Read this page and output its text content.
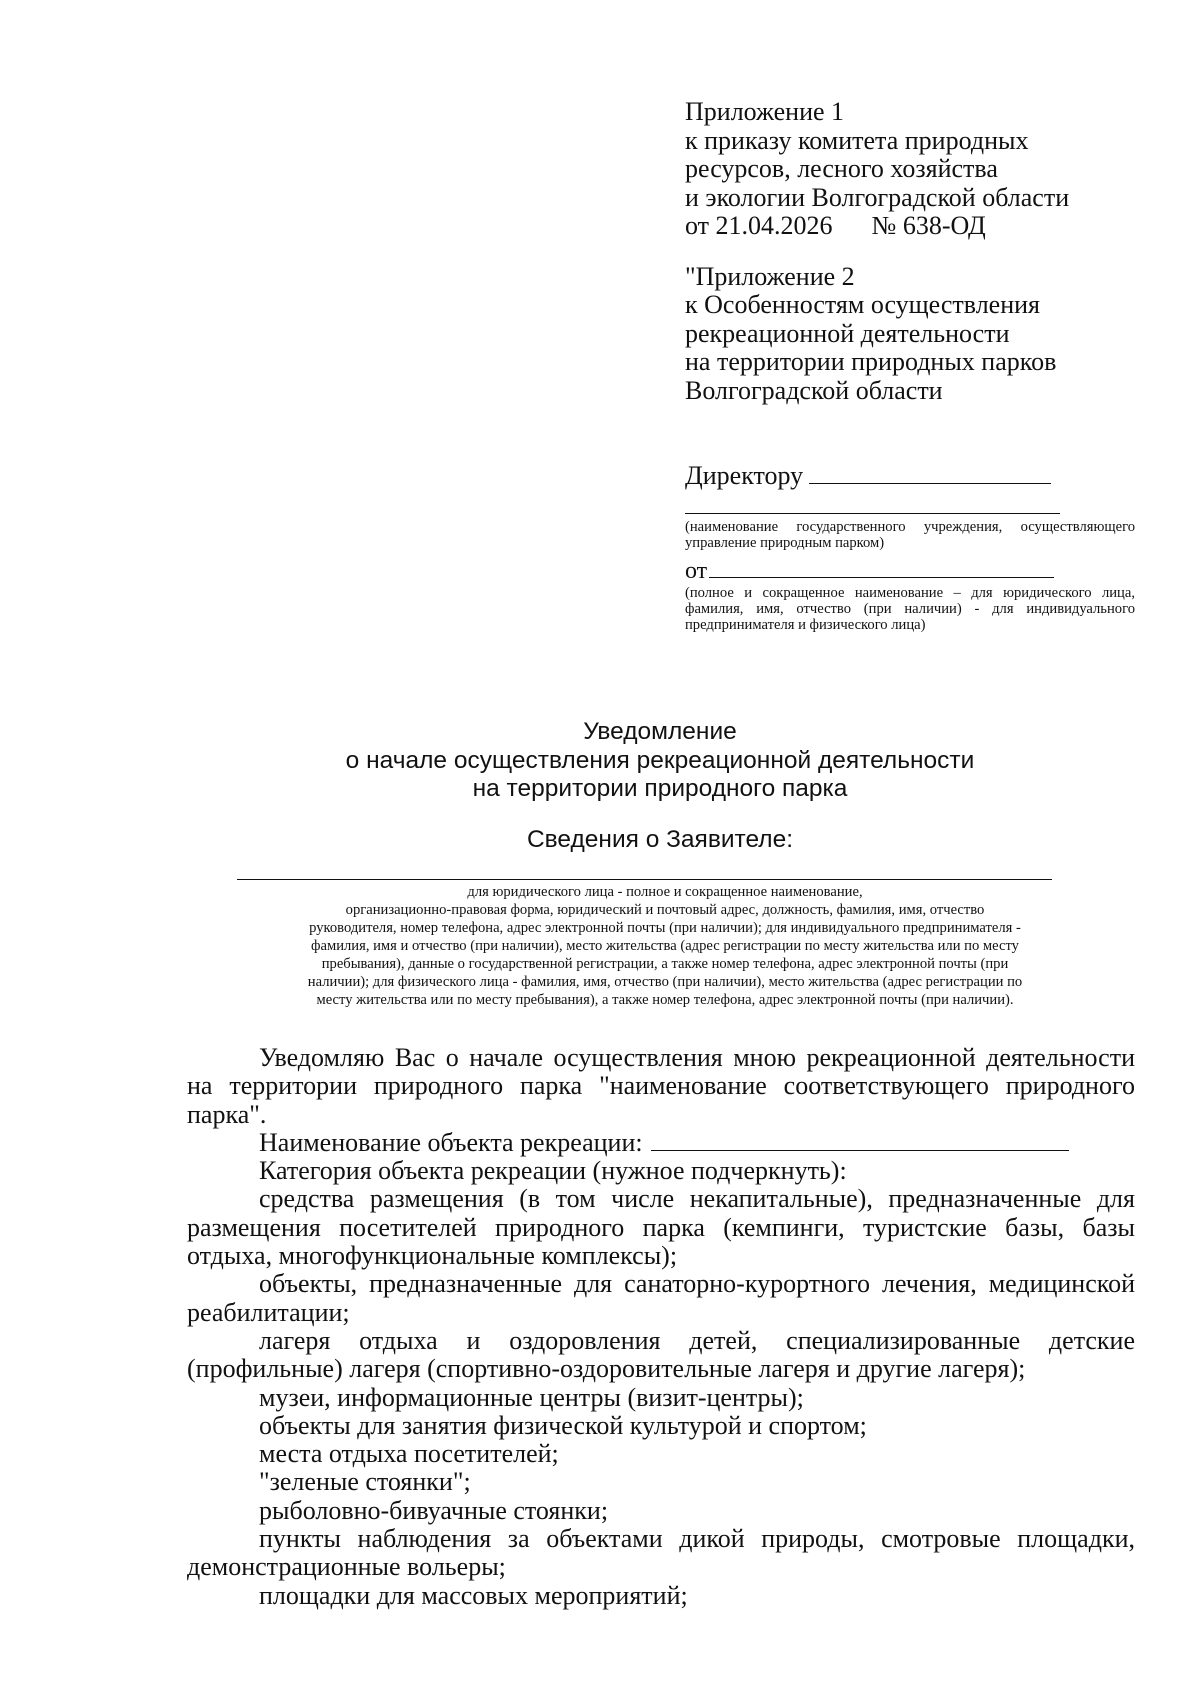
Приложение 1
к приказу комитета природных
ресурсов, лесного хозяйства
и экологии Волгоградской области
от 21.04.2026      № 638-ОД
"Приложение 2
к Особенностям осуществления
рекреационной деятельности
на территории природных парков
Волгоградской области
Директору
(наименование государственного учреждения, осуществляющего управление природным парком)
от
(полное и сокращенное наименование – для юридического лица, фамилия, имя, отчество (при наличии) - для индивидуального предпринимателя и физического лица)
Уведомление
о начале осуществления рекреационной деятельности
на территории природного парка
Сведения о Заявителе:
для юридического лица - полное и сокращенное наименование,
организационно-правовая форма, юридический и почтовый адрес, должность, фамилия, имя, отчество
руководителя, номер телефона, адрес электронной почты (при наличии); для индивидуального предпринимателя -
фамилия, имя и отчество (при наличии), место жительства (адрес регистрации по месту жительства или по месту
пребывания), данные о государственной регистрации, а также номер телефона, адрес электронной почты (при
наличии); для физического лица - фамилия, имя, отчество (при наличии), место жительства (адрес регистрации по
месту жительства или по месту пребывания), а также номер телефона, адрес электронной почты (при наличии).

Уведомляю Вас о начале осуществления мною рекреационной деятельности на территории природного парка "наименование соответствующего природного парка".

Наименование объекта рекреации:

Категория объекта рекреации (нужное подчеркнуть):

средства размещения (в том числе некапитальные), предназначенные для размещения посетителей природного парка (кемпинги, туристские базы, базы отдыха, многофункциональные комплексы);

объекты, предназначенные для санаторно-курортного лечения, медицинской реабилитации;

лагеря отдыха и оздоровления детей, специализированные детские (профильные) лагеря (спортивно-оздоровительные лагеря и другие лагеря);

музеи, информационные центры (визит-центры);

объекты для занятия физической культурой и спортом;

места отдыха посетителей;

"зеленые стоянки";

рыболовно-бивуачные стоянки;

пункты наблюдения за объектами дикой природы, смотровые площадки, демонстрационные вольеры;

площадки для массовых мероприятий;
